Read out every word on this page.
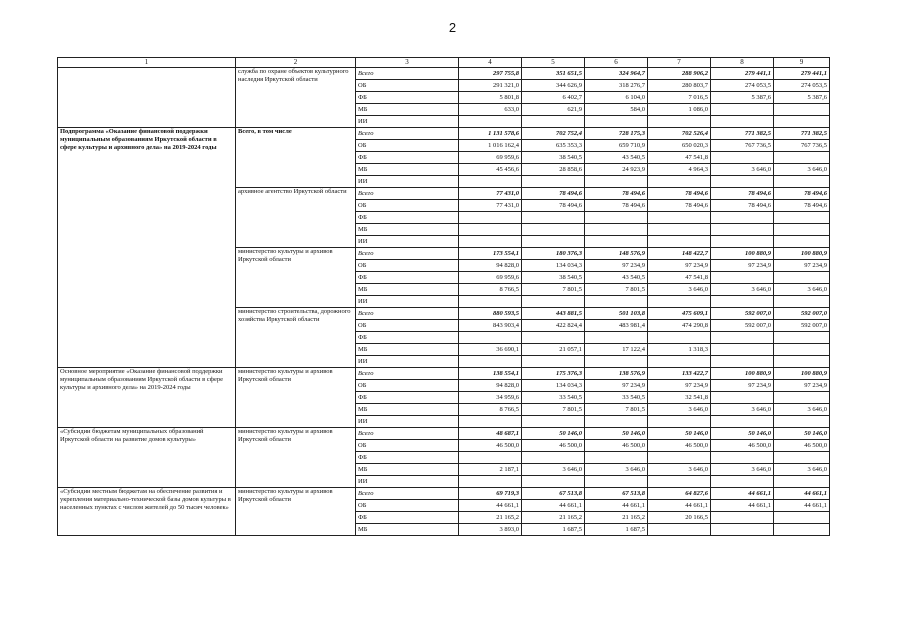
2
1	2	3	4	5	6	7	8	9
	служба по охране объектов культурного наследия Иркутской области	Всего	297 755,8	351 651,5	324 964,7	288 906,2	279 441,1	279 441,1
		ОБ	291 321,0	344 626,9	318 276,7	280 803,7	274 053,5	274 053,5
		ФБ	5 801,8	6 402,7	6 104,0	7 016,5	5 387,6	5 387,6
		МБ	633,0	621,9	584,0	1 086,0		
		ИИ						
Подпрограмма «Оказание финансовой поддержки муниципальным образованиям Иркутской области в сфере культуры и архивного дела» на 2019-2024 годы	Всего, в том числе	Всего	1 131 578,6	702 752,4	728 175,3	702 526,4	771 382,5	771 382,5
		ОБ	1 016 162,4	635 353,3	659 710,9	650 020,3	767 736,5	767 736,5
		ФБ	69 959,6	38 540,5	43 540,5	47 541,8		
		МБ	45 456,6	28 858,6	24 923,9	4 964,3	3 646,0	3 646,0
		ИИ						
	архивное агентство Иркутской области	Всего	77 431,0	78 494,6	78 494,6	78 494,6	78 494,6	78 494,6
		ОБ	77 431,0	78 494,6	78 494,6	78 494,6	78 494,6	78 494,6
		ФБ						
		МБ						
		ИИ						
	министерство культуры и архивов Иркутской области	Всего	173 554,1	180 376,3	148 576,9	148 422,7	100 880,9	100 880,9
		ОБ	94 828,0	134 034,3	97 234,9	97 234,9	97 234,9	97 234,9
		ФБ	69 959,6	38 540,5	43 540,5	47 541,8		
		МБ	8 766,5	7 801,5	7 801,5	3 646,0	3 646,0	3 646,0
		ИИ						
	министерство строительства, дорожного хозяйства Иркутской области	Всего	880 593,5	443 881,5	501 103,8	475 609,1	592 007,0	592 007,0
		ОБ	843 903,4	422 824,4	483 981,4	474 290,8	592 007,0	592 007,0
		ФБ						
		МБ	36 690,1	21 057,1	17 122,4	1 318,3		
		ИИ						
Основное мероприятие «Оказание финансовой поддержки муниципальным образованиям Иркутской области в сфере культуры и архивного дела» на 2019-2024 годы	министерство культуры и архивов Иркутской области	Всего	138 554,1	175 376,3	138 576,9	133 422,7	100 880,9	100 880,9
		ОБ	94 828,0	134 034,3	97 234,9	97 234,9	97 234,9	97 234,9
		ФБ	34 959,6	33 540,5	33 540,5	32 541,8		
		МБ	8 766,5	7 801,5	7 801,5	3 646,0	3 646,0	3 646,0
		ИИ						
«Субсидии бюджетам муниципальных образований Иркутской области на развитие домов культуры»	министерство культуры и архивов Иркутской области	Всего	48 687,1	50 146,0	50 146,0	50 146,0	50 146,0	50 146,0
		ОБ	46 500,0	46 500,0	46 500,0	46 500,0	46 500,0	46 500,0
		ФБ						
		МБ	2 187,1	3 646,0	3 646,0	3 646,0	3 646,0	3 646,0
		ИИ						
«Субсидии местным бюджетам на обеспечение развития и укрепления материально-технической базы домов культуры в населенных пунктах с числом жителей до 50 тысяч человек»	министерство культуры и архивов Иркутской области	Всего	69 719,3	67 513,8	67 513,8	64 827,6	44 661,1	44 661,1
		ОБ	44 661,1	44 661,1	44 661,1	44 661,1	44 661,1	44 661,1
		ФБ	21 165,2	21 165,2	21 165,2	20 166,5		
		МБ	3 893,0	1 687,5	1 687,5			
